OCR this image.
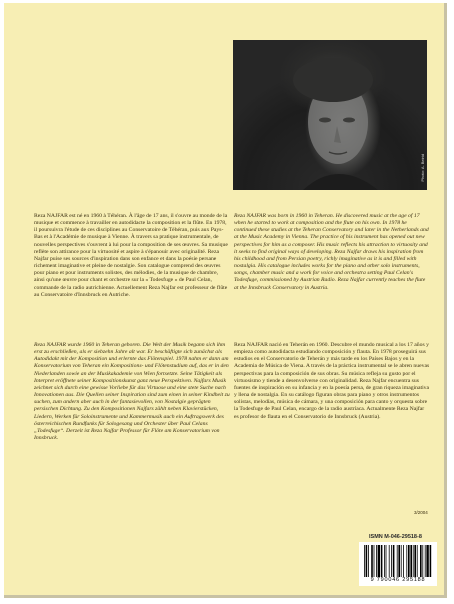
Photo: A. Beirid

Reza NAJFAR est né en 1960 à Téhéran. À l'âge de 17 ans, il s'ouvre au monde de la musique et commence à travailler en autodidacte la composition et la flûte. En 1978, il poursuivra l'étude de ces disciplines au Conservatoire de Téhéran, puis aux Pays-Bas et à l'Académie de musique à Vienne. À travers sa pratique instrumentale, de nouvelles perspectives s'ouvrent à lui pour la composition de ses œuvres. Sa musique reflète son attirance pour la virtuosité et aspire à s'épanouir avec originalité. Reza Najfar puise ses sources d'inspiration dans son enfance et dans la poésie persane richement imaginative et pleine de nostalgie. Son catalogue comprend des œuvres pour piano et pour instruments solistes, des mélodies, de la musique de chambre, ainsi qu'une œuvre pour chant et orchestre sur la « Todesfuge » de Paul Celan, commande de la radio autrichienne. Actuellement Reza Najfar est professeur de flûte au Conservatoire d'Innsbruck en Autriche.

Reza NAJFAR wurde 1960 in Teheran geboren. Die Welt der Musik begann sich ihm erst zu erschließen, als er siebzehn Jahre alt war. Er beschäftigte sich zunächst als Autodidakt mit der Komposition und erlernte das Flötenspiel. 1978 nahm er dann am Konservatorium von Teheran ein Kompositions- und Flötenstudium auf, das er in den Niederlanden sowie an der Musikakademie von Wien fortsetzte. Seine Tätigkeit als Interpret eröffnete seiner Kompositionskunst ganz neue Perspektiven. Najfars Musik zeichnet sich durch eine gewisse Vorliebe für das Virtuose und eine stete Suche nach Innovationen aus. Die Quellen seiner Inspiration sind zum einen in seiner Kindheit zu suchen, zum andern aber auch in der fantasievollen, von Nostalgie geprägten persischen Dichtung. Zu den Kompositionen Najfars zählt neben Klavierstücken, Liedern, Werken für Soloinstrumente und Kammermusik auch ein Auftragswerk des österreichischen Rundfunks für Sologesang und Orchester über Paul Celans „Todesfuge“. Derzeit ist Reza Najfar Professor für Flöte am Konservatorium von Innsbruck.

Reza NAJFAR was born in 1960 in Teheran. He discovered music at the age of 17 when he started to work at composition and the flute on his own. In 1978 he continued these studies at the Teheran Conservatory and later in the Netherlands and at the Music Academy in Vienna. The practice of his instrument has opened out new perspectives for him as a composer. His music reflects his attraction to virtuosity and it seeks to find original ways of developing. Reza Najfar draws his inspiration from his childhood and from Persian poetry, richly imaginative as it is and filled with nostalgia. His catalogue includes works for the piano and other solo instruments, songs, chamber music and a work for voice and orchestra setting Paul Celan's Todesfuge, commissioned by Austrian Radio. Reza Najfar currently teaches the flute at the Innsbruck Conservatory in Austria.

Reza NAJFAR nació en Teherán en 1960. Descubre el mundo musical a los 17 años y empieza como autodidacta estudiando composición y flauta. En 1978 proseguirá sus estudios en el Conservatorio de Teherán y más tarde en los Países Bajos y en la Academia de Música de Viena. A través de la práctica instrumental se le abren nuevas perspectivas para la composición de sus obras. Su música refleja su gusto por el virtuosismo y tiende a desenvolverse con originalidad. Reza Najfar encuentra sus fuentes de inspiración en su infancia y en la poesía persa, de gran riqueza imaginativa y llena de nostalgia. En su catálogo figuran obras para piano y otros instrumentos solistas, melodías, música de cámara, y una composición para canto y orquesta sobre la Todesfuge de Paul Celan, encargo de la radio austríaca. Actualmente Reza Najfar es profesor de flauta en el Conservatorio de Innsbruck (Austria).

3/2004
ISMN M-046-29518-8
9 790046 295188
